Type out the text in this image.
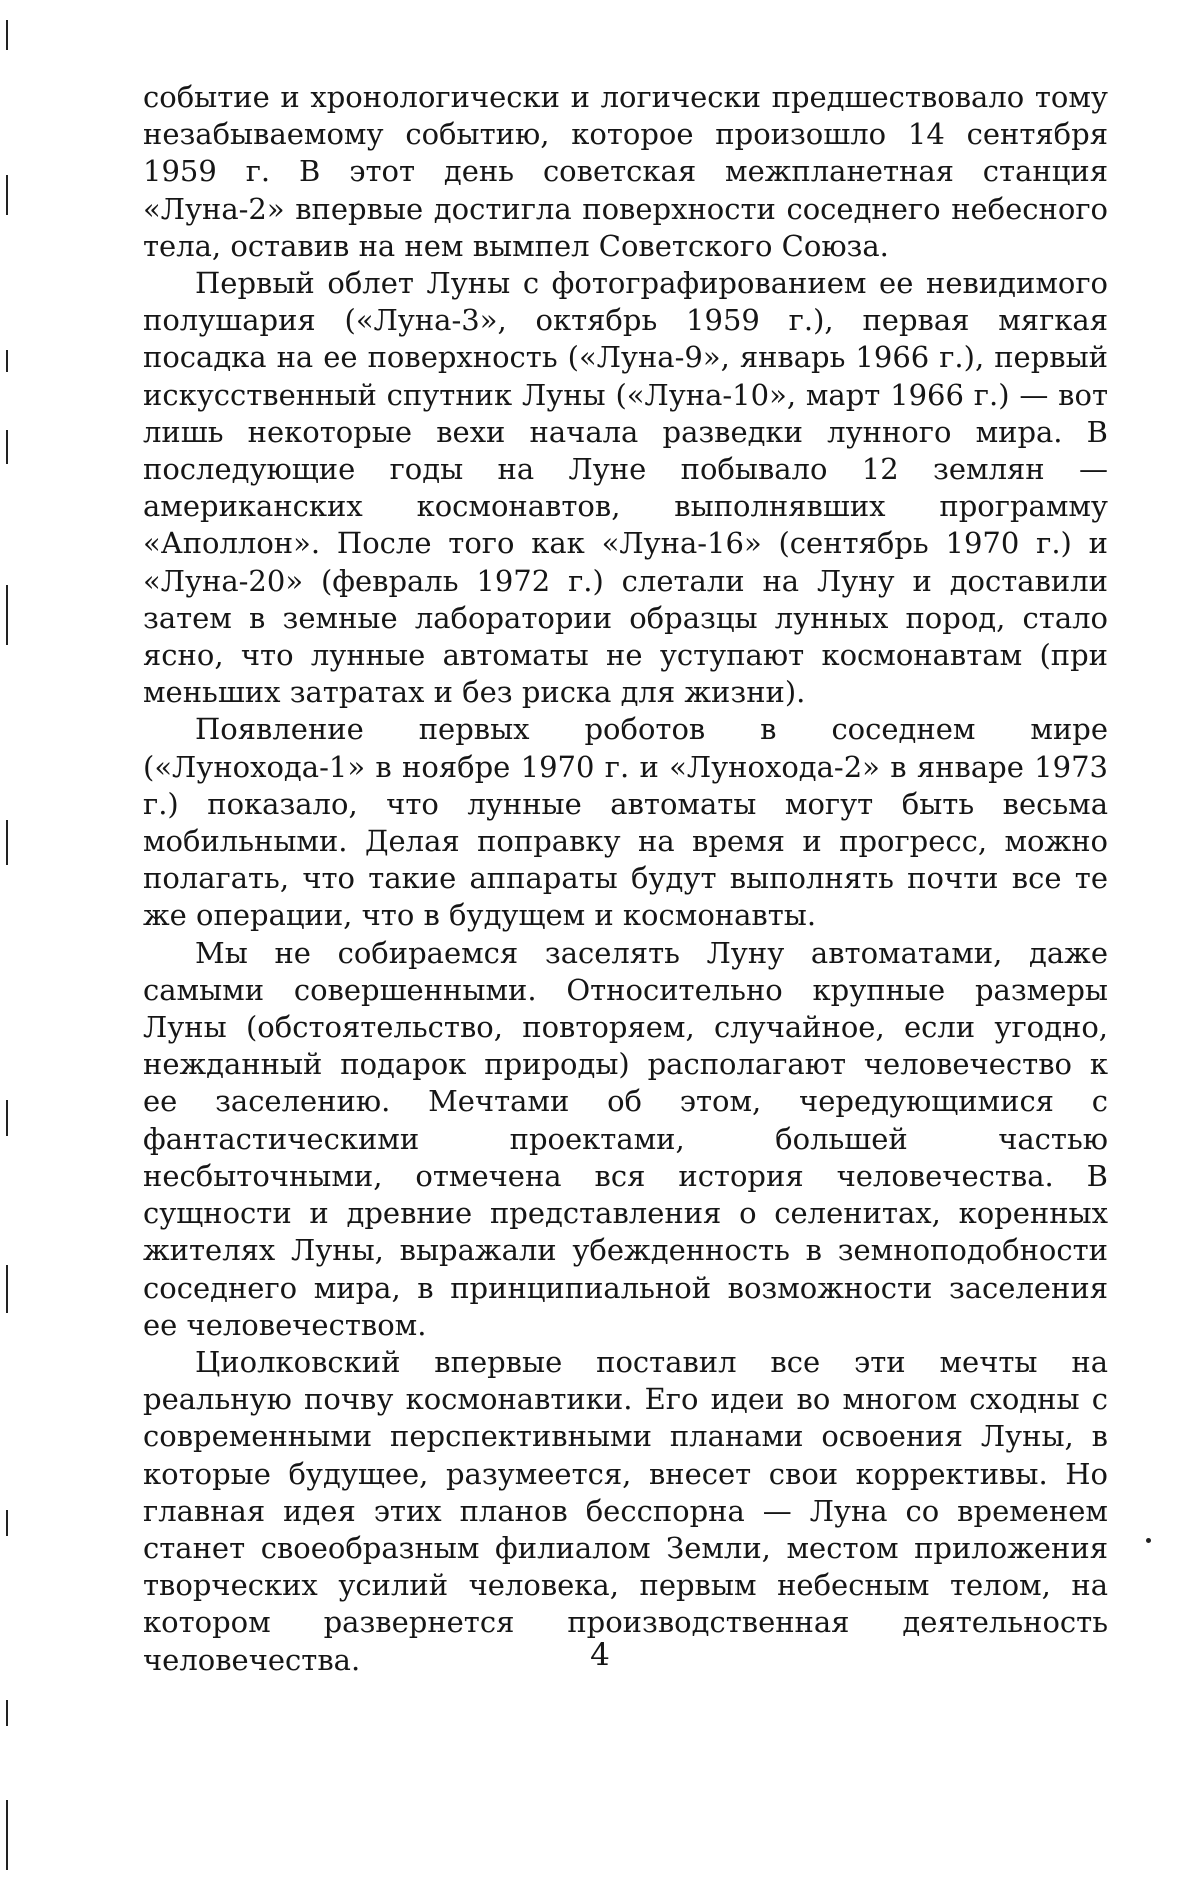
событие и хронологически и логически предшествовало тому незабываемому событию, которое произошло 14 сентября 1959 г. В этот день советская межпланетная станция «Луна-2» впервые достигла поверхности соседнего небесного тела, оставив на нем вымпел Советского Союза.

Первый облет Луны с фотографированием ее невидимого полушария («Луна-3», октябрь 1959 г.), первая мягкая посадка на ее поверхность («Луна-9», январь 1966 г.), первый искусственный спутник Луны («Луна-10», март 1966 г.) — вот лишь некоторые вехи начала разведки лунного мира. В последующие годы на Луне побывало 12 землян — американских космонавтов, выполнявших программу «Аполлон». После того как «Луна-16» (сентябрь 1970 г.) и «Луна-20» (февраль 1972 г.) слетали на Луну и доставили затем в земные лаборатории образцы лунных пород, стало ясно, что лунные автоматы не уступают космонавтам (при меньших затратах и без риска для жизни).

Появление первых роботов в соседнем мире («Лунохода-1» в ноябре 1970 г. и «Лунохода-2» в январе 1973 г.) показало, что лунные автоматы могут быть весьма мобильными. Делая поправку на время и прогресс, можно полагать, что такие аппараты будут выполнять почти все те же операции, что в будущем и космонавты.

Мы не собираемся заселять Луну автоматами, даже самыми совершенными. Относительно крупные размеры Луны (обстоятельство, повторяем, случайное, если угодно, нежданный подарок природы) располагают человечество к ее заселению. Мечтами об этом, чередующимися с фантастическими проектами, большей частью несбыточными, отмечена вся история человечества. В сущности и древние представления о селенитах, коренных жителях Луны, выражали убежденность в земноподобности соседнего мира, в принципиальной возможности заселения ее человечеством.

Циолковский впервые поставил все эти мечты на реальную почву космонавтики. Его идеи во многом сходны с современными перспективными планами освоения Луны, в которые будущее, разумеется, внесет свои коррективы. Но главная идея этих планов бесспорна — Луна со временем станет своеобразным филиалом Земли, местом приложения творческих усилий человека, первым небесным телом, на котором развернется производственная деятельность человечества.	4
